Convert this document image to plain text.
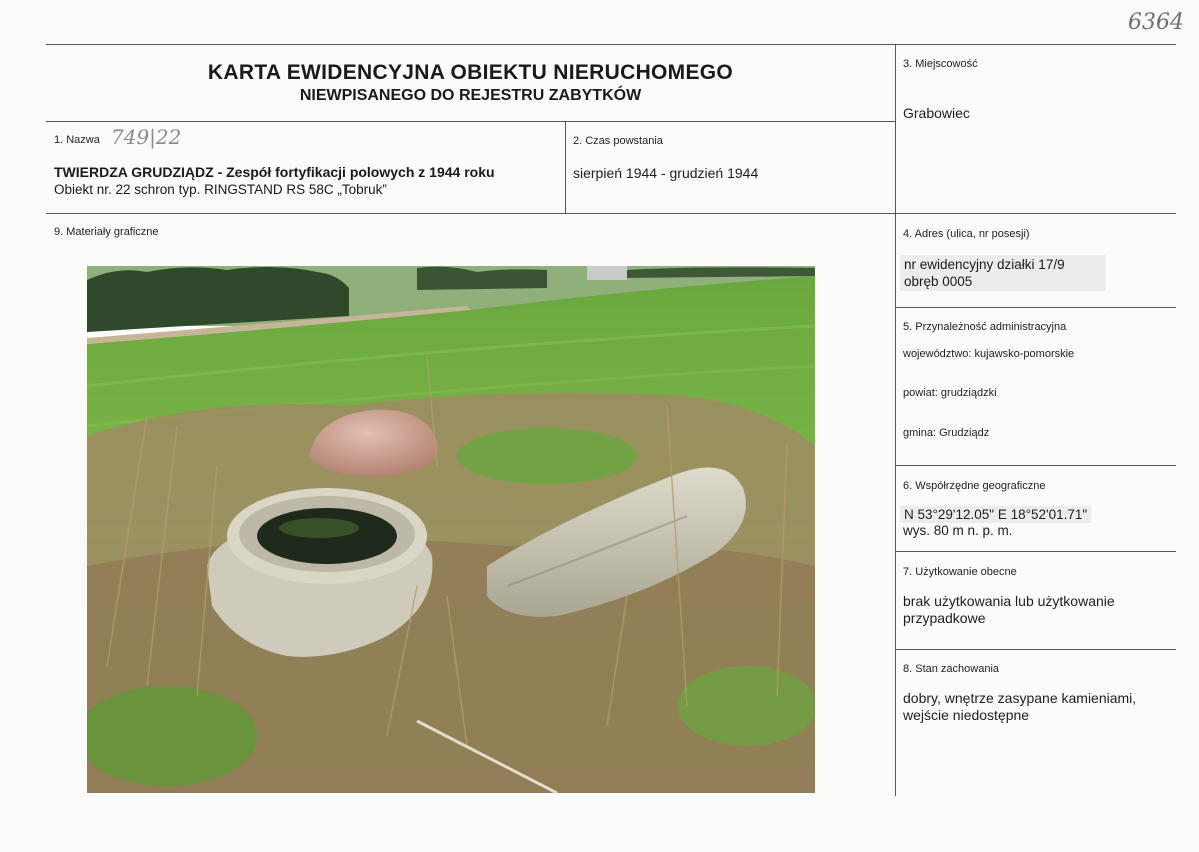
6364
KARTA EWIDENCYJNA OBIEKTU NIERUCHOMEGO
NIEWPISANEGO DO REJESTRU ZABYTKÓW
1. Nazwa 749|22
TWIERDZA GRUDZIĄDZ - Zespół fortyfikacji polowych z 1944 roku
Obiekt nr. 22 schron typ. RINGSTAND RS 58C „Tobruk”
2. Czas powstania
sierpień 1944 - grudzień 1944
3. Miejscowość
Grabowiec
4. Adres (ulica, nr posesji)
nr ewidencyjny działki 17/9
obręb 0005
5. Przynależność administracyjna
województwo: kujawsko-pomorskie
powiat: grudziądzki
gmina: Grudziądz
6. Współrzędne geograficzne
N 53°29'12.05" E 18°52'01.71"
wys. 80 m n. p. m.
7. Użytkowanie obecne
brak użytkowania lub użytkowanie
przypadkowe
8. Stan zachowania
dobry, wnętrze zasypane kamieniami,
wejście niedostępne
9. Materiały graficzne
